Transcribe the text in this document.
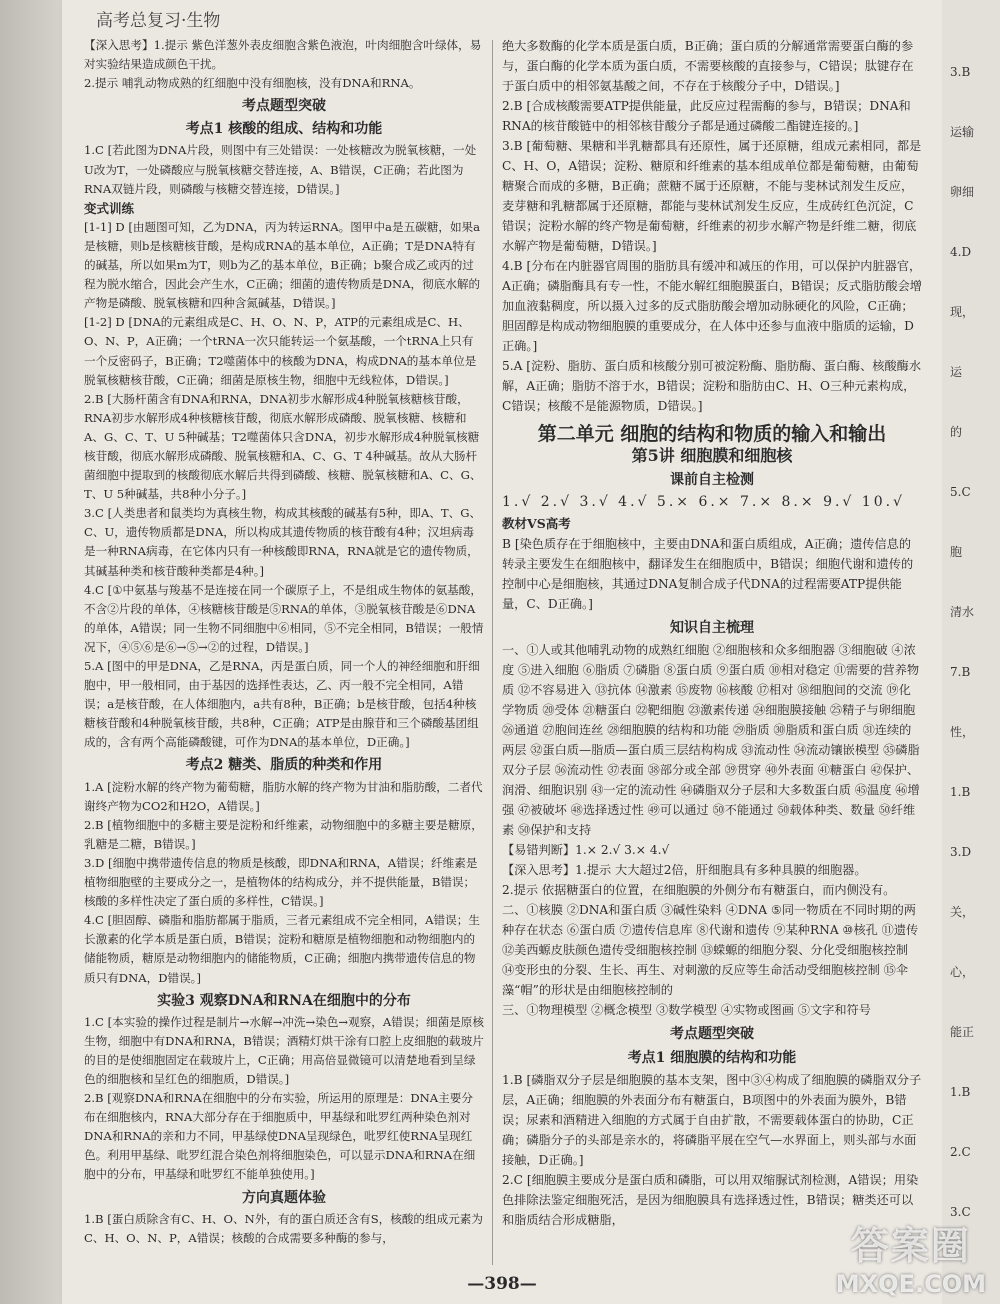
高考总复习·生物
【深入思考】1.提示 紫色洋葱外表皮细胞含紫色液泡，叶肉细胞含叶绿体，易对实验结果造成颜色干扰。
2.提示 哺乳动物成熟的红细胞中没有细胞核，没有DNA和RNA。
考点题型突破
考点1 核酸的组成、结构和功能
1.C [若此图为DNA片段，则图中有三处错误：一处核糖改为脱氧核糖，一处U改为T，一处磷酸应与脱氧核糖交替连接，A、B错误，C正确；若此图为RNA双链片段，则磷酸与核糖交替连接，D错误。]
变式训练
[1-1] D [由题图可知，乙为DNA，丙为转运RNA。图甲中a是五碳糖，如果a是核糖，则b是核糖核苷酸，是构成RNA的基本单位，A正确；T是DNA特有的碱基，所以如果m为T，则b为乙的基本单位，B正确；b聚合成乙或丙的过程为脱水缩合，因此会产生水，C正确；细菌的遗传物质是DNA，彻底水解的产物是磷酸、脱氧核糖和四种含氮碱基，D错误。]
[1-2] D [DNA的元素组成是C、H、O、N、P，ATP的元素组成是C、H、O、N、P，A正确；一个tRNA一次只能转运一个氨基酸，一个tRNA上只有一个反密码子，B正确；T2噬菌体中的核酸为DNA，构成DNA的基本单位是脱氧核糖核苷酸，C正确；细菌是原核生物，细胞中无线粒体，D错误。]
2.B [大肠杆菌含有DNA和RNA，DNA初步水解形成4种脱氧核糖核苷酸，RNA初步水解形成4种核糖核苷酸，彻底水解形成磷酸、脱氧核糖、核糖和A、G、C、T、U 5种碱基；T2噬菌体只含DNA，初步水解形成4种脱氧核糖核苷酸，彻底水解形成磷酸、脱氧核糖和A、C、G、T 4种碱基。故从大肠杆菌细胞中提取到的核酸彻底水解后共得到磷酸、核糖、脱氧核糖和A、C、G、T、U 5种碱基，共8种小分子。]
3.C [人类患者和鼠类均为真核生物，构成其核酸的碱基有5种，即A、T、G、C、U，遗传物质都是DNA，所以构成其遗传物质的核苷酸有4种；汉坦病毒是一种RNA病毒，在它体内只有一种核酸即RNA，RNA就是它的遗传物质，其碱基种类和核苷酸种类都是4种。]
4.C [①中氨基与羧基不是连接在同一个碳原子上，不是组成生物体的氨基酸，不含②片段的单体，④核糖核苷酸是⑤RNA的单体，③脱氧核苷酸是⑥DNA的单体，A错误；同一生物不同细胞中⑥相同，⑤不完全相同，B错误；一般情况下，④⑤⑥是⑥→⑤→②的过程，D错误。]
5.A [图中的甲是DNA，乙是RNA，丙是蛋白质，同一个人的神经细胞和肝细胞中，甲一般相同，由于基因的选择性表达，乙、丙一般不完全相同，A错误；a是核苷酸，在人体细胞内，a共有8种，B正确；b是核苷酸，包括4种核糖核苷酸和4种脱氧核苷酸，共8种，C正确；ATP是由腺苷和三个磷酸基团组成的，含有两个高能磷酸键，可作为DNA的基本单位，D正确。]
考点2 糖类、脂质的种类和作用
1.A [淀粉水解的终产物为葡萄糖，脂肪水解的终产物为甘油和脂肪酸，二者代谢终产物为CO2和H2O，A错误。]
2.B [植物细胞中的多糖主要是淀粉和纤维素，动物细胞中的多糖主要是糖原，乳糖是二糖，B错误。]
3.D [细胞中携带遗传信息的物质是核酸，即DNA和RNA，A错误；纤维素是植物细胞壁的主要成分之一，是植物体的结构成分，并不提供能量，B错误；核酸的多样性决定了蛋白质的多样性，C错误。]
4.C [胆固醇、磷脂和脂肪都属于脂质，三者元素组成不完全相同，A错误；生长激素的化学本质是蛋白质，B错误；淀粉和糖原是植物细胞和动物细胞内的储能物质，糖原是动物细胞内的储能物质，C正确；细胞内携带遗传信息的物质只有DNA，D错误。]
实验3 观察DNA和RNA在细胞中的分布
1.C [本实验的操作过程是制片→水解→冲洗→染色→观察，A错误；细菌是原核生物，细胞中有DNA和RNA，B错误；酒精灯烘干涂有口腔上皮细胞的载玻片的目的是使细胞固定在载玻片上，C正确；用高倍显微镜可以清楚地看到呈绿色的细胞核和呈红色的细胞质，D错误。]
2.B [观察DNA和RNA在细胞中的分布实验，所运用的原理是：DNA主要分布在细胞核内，RNA大部分存在于细胞质中，甲基绿和吡罗红两种染色剂对DNA和RNA的亲和力不同，甲基绿使DNA呈现绿色，吡罗红使RNA呈现红色。利用甲基绿、吡罗红混合染色剂将细胞染色，可以显示DNA和RNA在细胞中的分布，甲基绿和吡罗红不能单独使用。]
方向真题体验
1.B [蛋白质除含有C、H、O、N外，有的蛋白质还含有S，核酸的组成元素为C、H、O、N、P，A错误；核酸的合成需要多种酶的参与，
绝大多数酶的化学本质是蛋白质，B正确；蛋白质的分解通常需要蛋白酶的参与，蛋白酶的化学本质为蛋白质，不需要核酸的直接参与，C错误；肽键存在于蛋白质中的相邻氨基酸之间，不存在于核酸分子中，D错误。]
2.B [合成核酸需要ATP提供能量，此反应过程需酶的参与，B错误；DNA和RNA的核苷酸链中的相邻核苷酸分子都是通过磷酸二酯键连接的。]
3.B [葡萄糖、果糖和半乳糖都具有还原性，属于还原糖，组成元素相同，都是C、H、O，A错误；淀粉、糖原和纤维素的基本组成单位都是葡萄糖，由葡萄糖聚合而成的多糖，B正确；蔗糖不属于还原糖，不能与斐林试剂发生反应，麦芽糖和乳糖都属于还原糖，都能与斐林试剂发生反应，生成砖红色沉淀，C错误；淀粉水解的终产物是葡萄糖，纤维素的初步水解产物是纤维二糖，彻底水解产物是葡萄糖，D错误。]
4.B [分布在内脏器官周围的脂肪具有缓冲和减压的作用，可以保护内脏器官，A正确；磷脂酶具有专一性，不能水解红细胞膜蛋白，B错误；反式脂肪酸会增加血液黏稠度，所以摄入过多的反式脂肪酸会增加动脉硬化的风险，C正确；胆固醇是构成动物细胞膜的重要成分，在人体中还参与血液中脂质的运输，D正确。]
5.A [淀粉、脂肪、蛋白质和核酸分别可被淀粉酶、脂肪酶、蛋白酶、核酸酶水解，A正确；脂肪不溶于水，B错误；淀粉和脂肪由C、H、O三种元素构成，C错误；核酸不是能源物质，D错误。]
第二单元 细胞的结构和物质的输入和输出
第5讲 细胞膜和细胞核
课前自主检测
1.√ 2.√ 3.√ 4.√ 5.× 6.× 7.× 8.× 9.√ 10.√
教材VS高考
B [染色质存在于细胞核中，主要由DNA和蛋白质组成，A正确；遗传信息的转录主要发生在细胞核中，翻译发生在细胞质中，B错误；细胞代谢和遗传的控制中心是细胞核，其通过DNA复制合成子代DNA的过程需要ATP提供能量，C、D正确。]
知识自主梳理
一、①人或其他哺乳动物的成熟红细胞 ②细胞核和众多细胞器 ③细胞破 ④浓度 ⑤进入细胞 ⑥脂质 ⑦磷脂 ⑧蛋白质 ⑨蛋白质 ⑩相对稳定 ⑪需要的营养物质 ⑫不容易进入 ⑬抗体 ⑭激素 ⑮废物 ⑯核酸 ⑰相对 ⑱细胞间的交流 ⑲化学物质 ⑳受体 ㉑糖蛋白 ㉒靶细胞 ㉓激素传递 ㉔细胞膜接触 ㉕精子与卵细胞 ㉖通道 ㉗胞间连丝 ㉘细胞膜的结构和功能 ㉙脂质 ㉚脂质和蛋白质 ㉛连续的两层 ㉜蛋白质—脂质—蛋白质三层结构构成 ㉝流动性 ㉞流动镶嵌模型 ㉟磷脂双分子层 ㊱流动性 ㊲表面 ㊳部分或全部 ㊴贯穿 ㊵外表面 ㊶糖蛋白 ㊷保护、润滑、细胞识别 ㊸一定的流动性 ㊹磷脂双分子层和大多数蛋白质 ㊺温度 ㊻增强 ㊼被破坏 ㊽选择透过性 ㊾可以通过 ㊿不能通过 ㊿载体种类、数量 ㊿纤维素 ㊿保护和支持
【易错判断】1.× 2.√ 3.× 4.√
【深入思考】1.提示 大大超过2倍，肝细胞具有多种具膜的细胞器。
2.提示 依据糖蛋白的位置，在细胞膜的外侧分布有糖蛋白，而内侧没有。
二、①核膜 ②DNA和蛋白质 ③碱性染料 ④DNA ⑤同一物质在不同时期的两种存在状态 ⑥蛋白质 ⑦遗传信息库 ⑧代谢和遗传 ⑨某种RNA ⑩核孔 ⑪遗传 ⑫美西螈皮肤颜色遗传受细胞核控制 ⑬蝾螈的细胞分裂、分化受细胞核控制 ⑭变形虫的分裂、生长、再生、对刺激的反应等生命活动受细胞核控制 ⑮伞藻“帽”的形状是由细胞核控制的
三、①物理模型 ②概念模型 ③数学模型 ④实物或图画 ⑤文字和符号
考点题型突破
考点1 细胞膜的结构和功能
1.B [磷脂双分子层是细胞膜的基本支架，图中③④构成了细胞膜的磷脂双分子层，A正确；细胞膜的外表面分布有糖蛋白，B项图中的外表面为膜外，B错误；尿素和酒精进入细胞的方式属于自由扩散，不需要载体蛋白的协助，C正确；磷脂分子的头部是亲水的，将磷脂平展在空气—水界面上，则头部与水面接触，D正确。]
2.C [细胞膜主要成分是蛋白质和磷脂，可以用双缩脲试剂检测，A错误；用染色排除法鉴定细胞死活，是因为细胞膜具有选择透过性，B错误；糖类还可以和脂质结合形成糖脂，
—398—
3.B
运输
卵细
4.D
现，
运
的
5.C
胞
清水
7.B
性，
1.B
3.D
关，
心，
能正
1.B
2.C
3.C
答案圈
MXQE.COM
